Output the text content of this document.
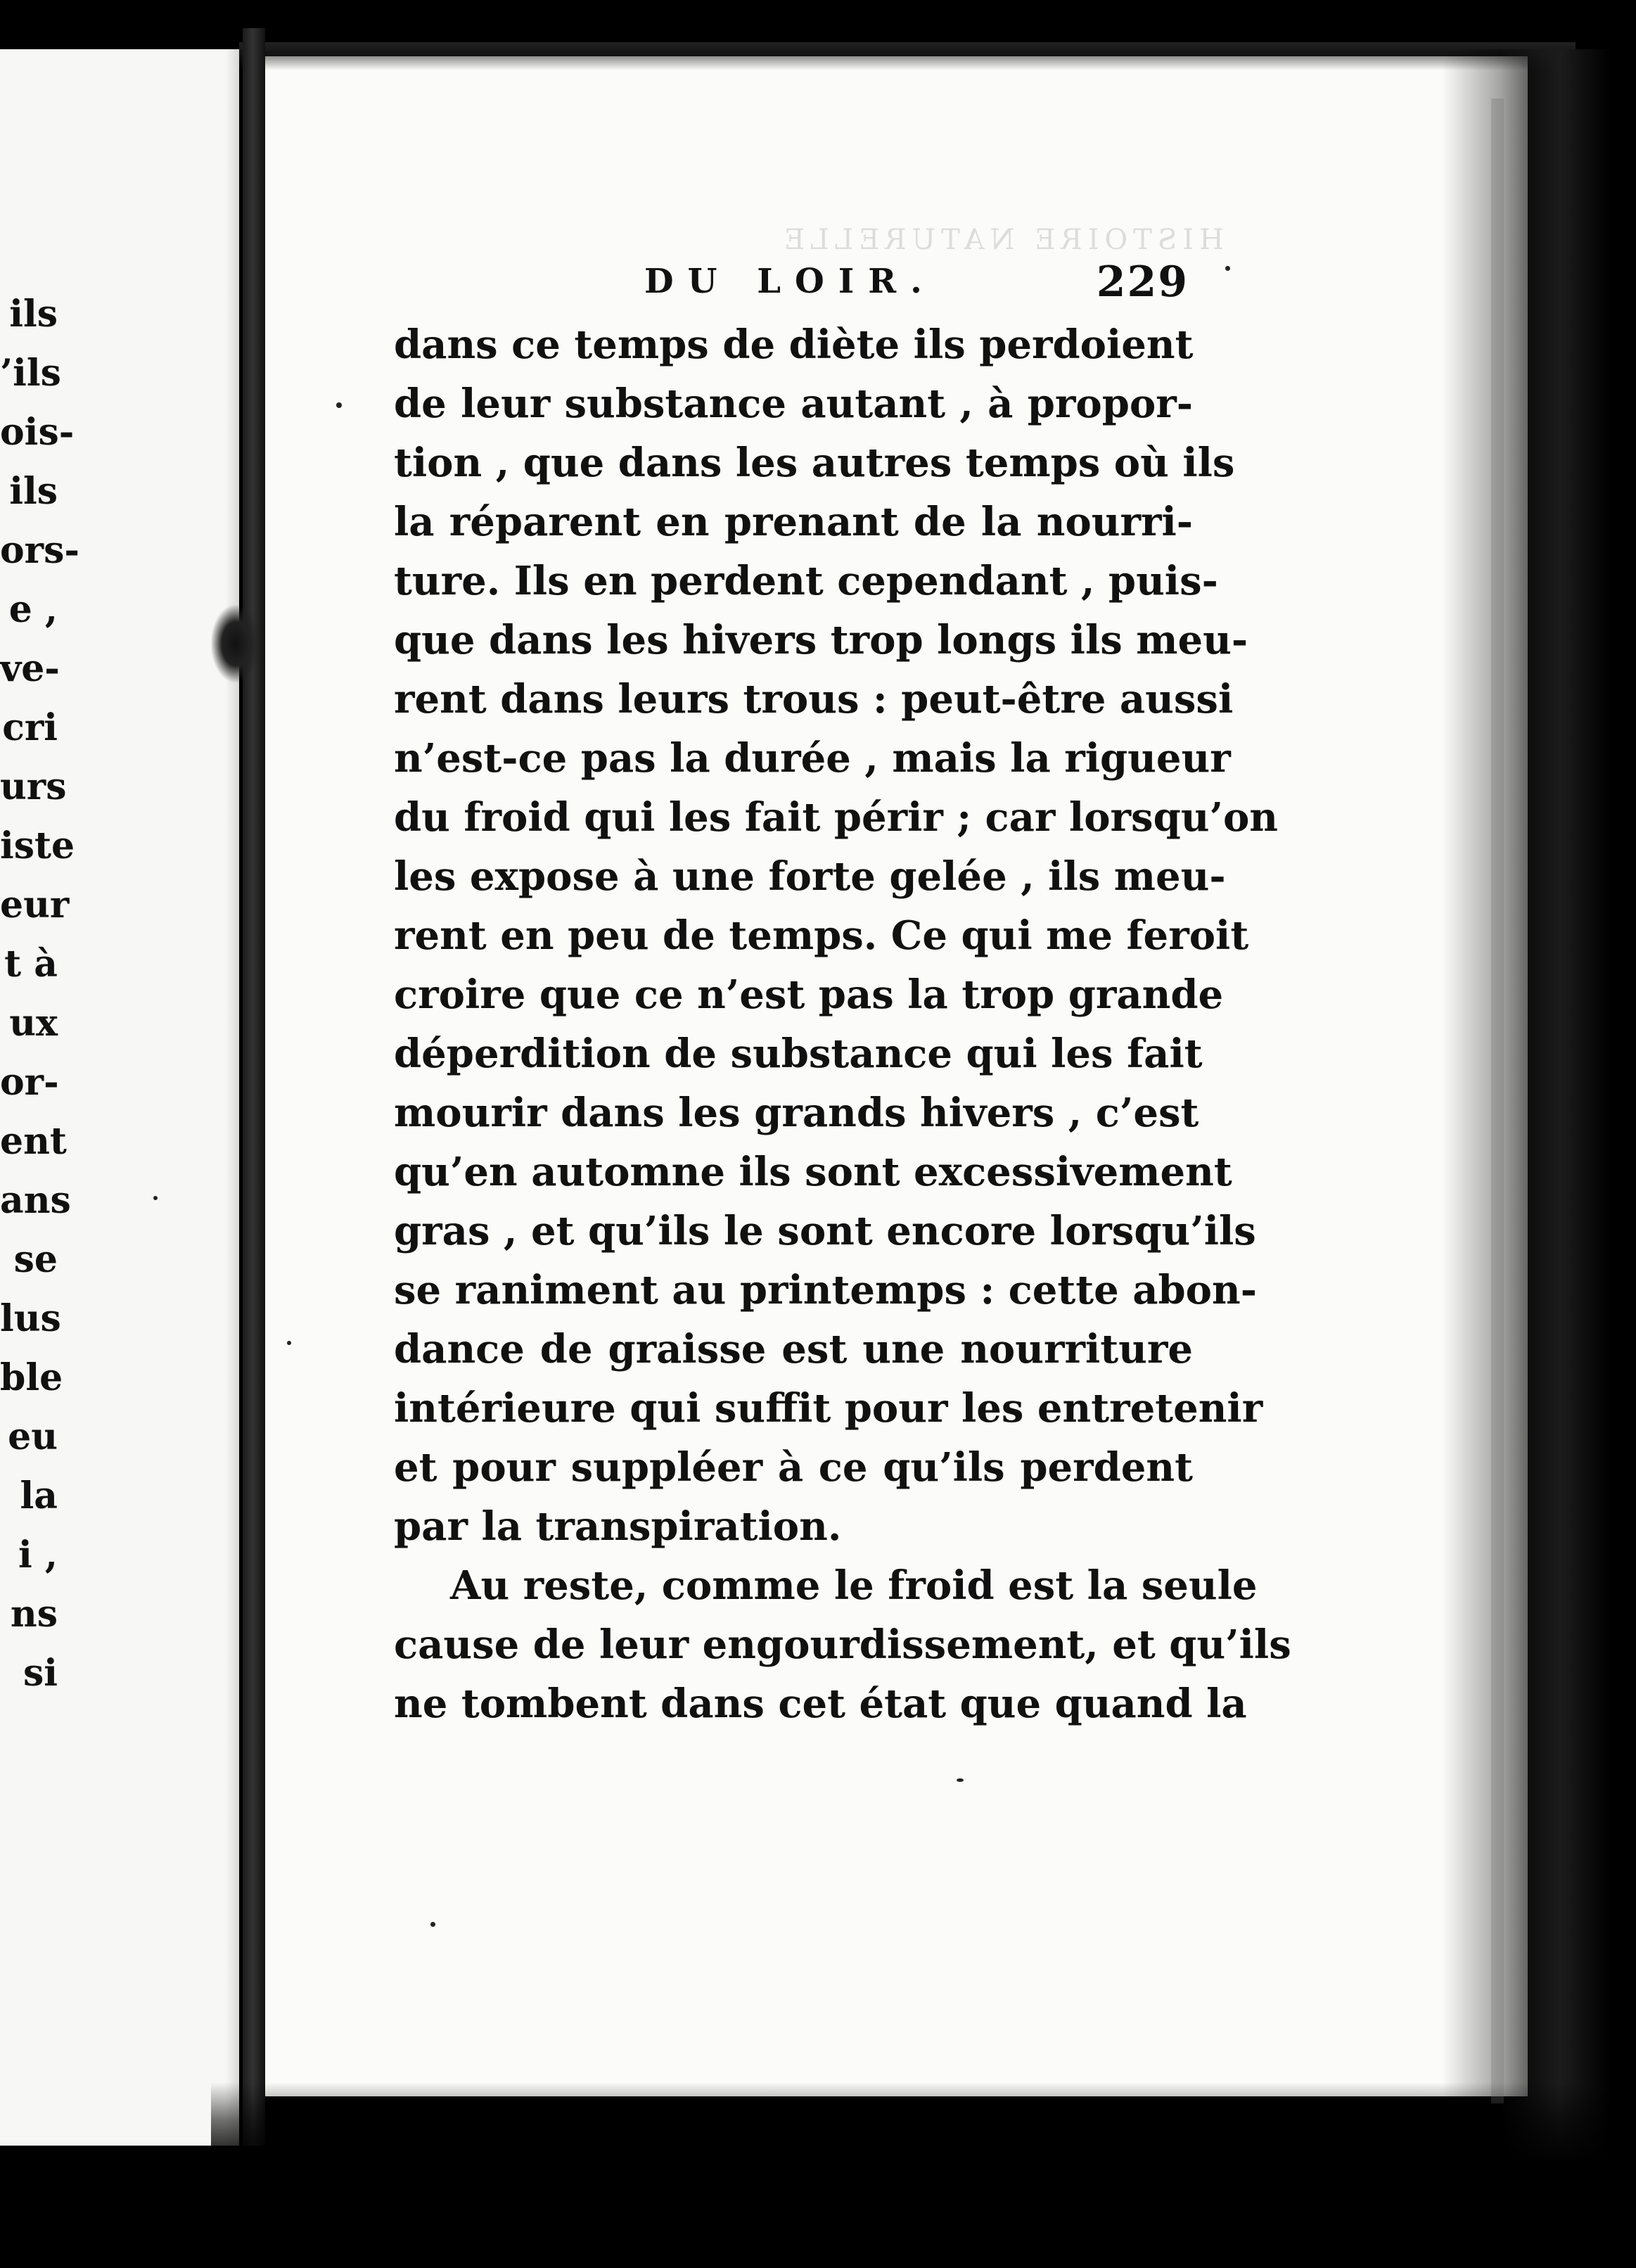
HISTOIRE NATURELLE
ils
’ils
ois-
ils
ors-
e ,
ve-
cri
urs
iste
eur
t à
ux
or-
ent
ans
se
lus
ble
eu
la
i ,
ns
si
DU LOIR.	229
dans ce temps de diète ils perdoient
de leur substance autant , à propor-
tion , que dans les autres temps où ils
la réparent en prenant de la nourri-
ture. Ils en perdent cependant , puis-
que dans les hivers trop longs ils meu-
rent dans leurs trous : peut-être aussi
n’est-ce pas la durée , mais la rigueur
du froid qui les fait périr ; car lorsqu’on
les expose à une forte gelée , ils meu-
rent en peu de temps. Ce qui me feroit
croire que ce n’est pas la trop grande
déperdition de substance qui les fait
mourir dans les grands hivers , c’est
qu’en automne ils sont excessivement
gras , et qu’ils le sont encore lorsqu’ils
se raniment au printemps : cette abon-
dance de graisse est une nourriture
intérieure qui suffit pour les entretenir
et pour suppléer à ce qu’ils perdent
par la transpiration.
Au reste, comme le froid est la seule
cause de leur engourdissement, et qu’ils
ne tombent dans cet état que quand la
